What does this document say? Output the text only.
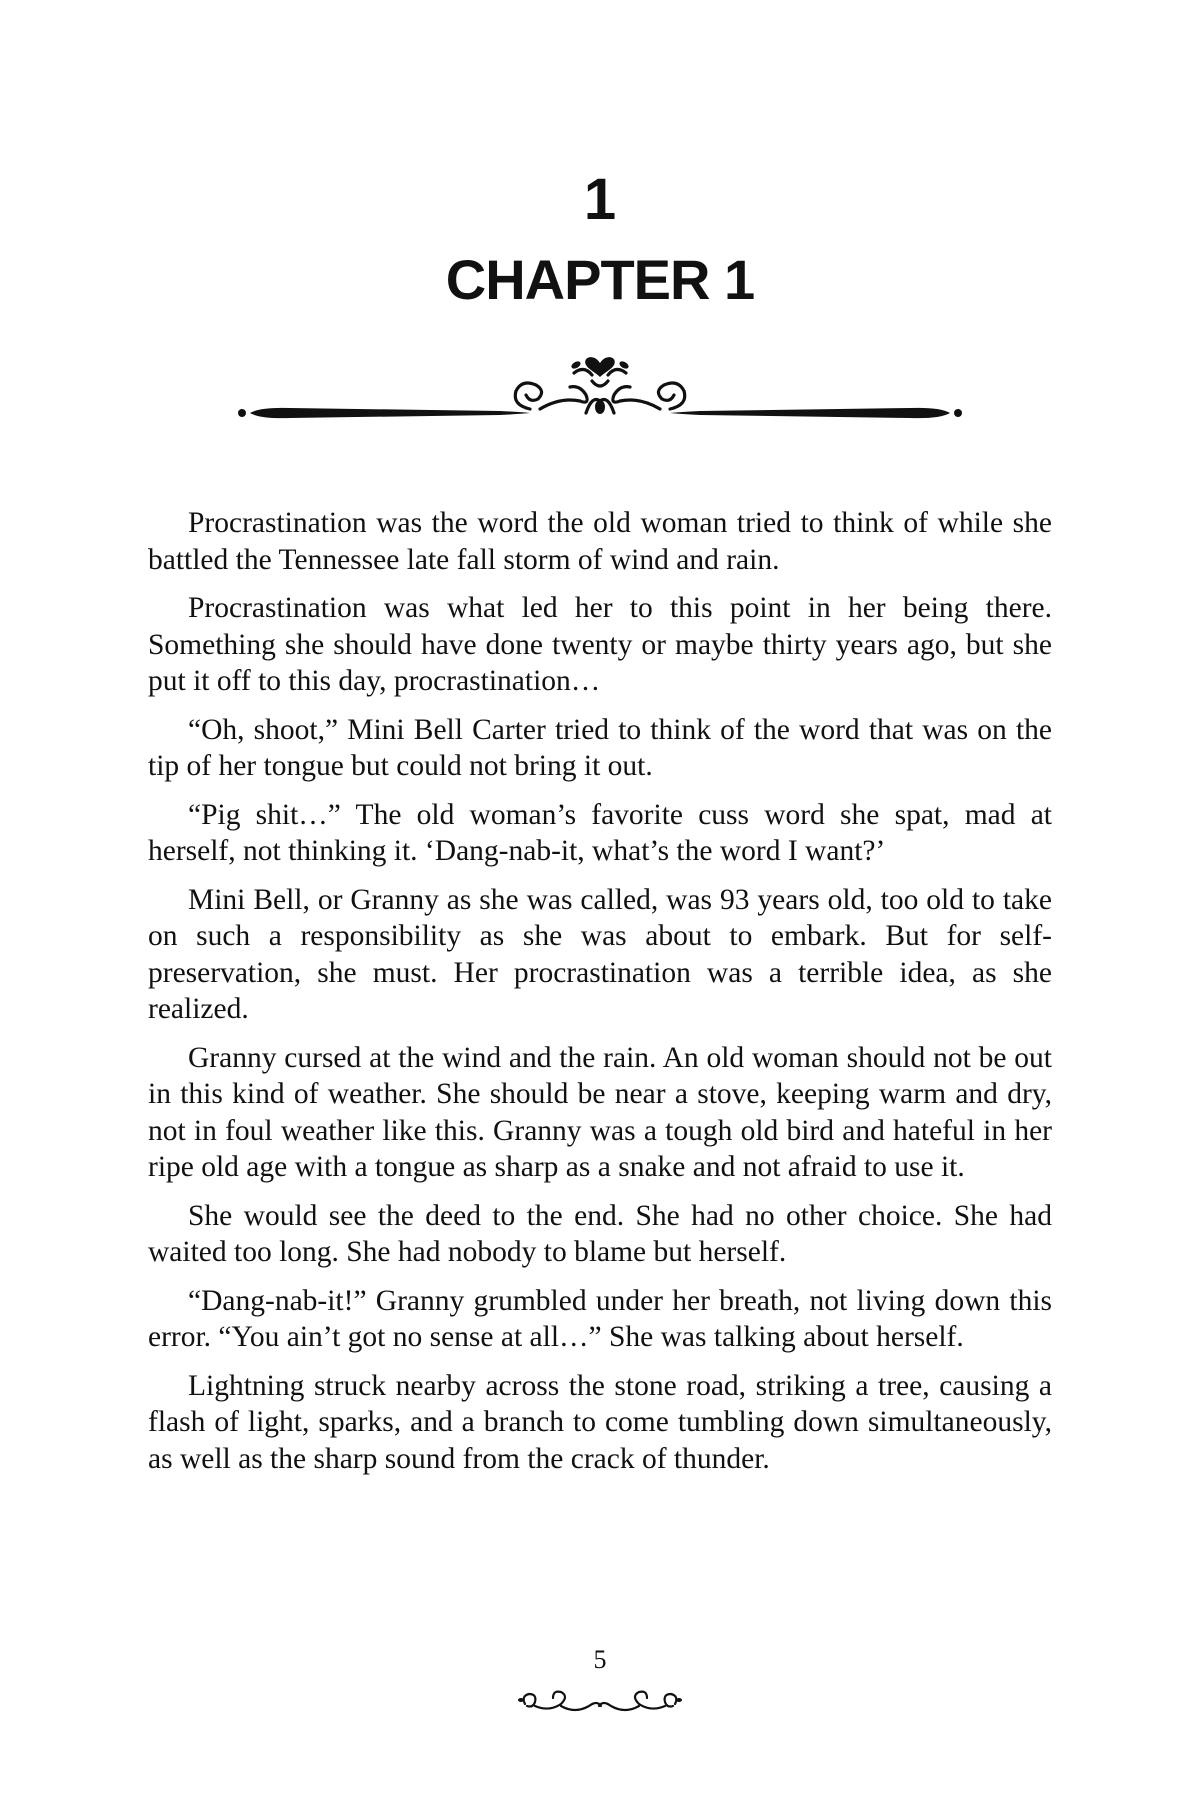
1
CHAPTER 1

Procrastination was the word the old woman tried to think of while she battled the Tennessee late fall storm of wind and rain.

Procrastination was what led her to this point in her being there. Something she should have done twenty or maybe thirty years ago, but she put it off to this day, procrastination…

“Oh, shoot,” Mini Bell Carter tried to think of the word that was on the tip of her tongue but could not bring it out.

“Pig shit…” The old woman’s favorite cuss word she spat, mad at herself, not thinking it. ‘Dang-nab-it, what’s the word I want?’

Mini Bell, or Granny as she was called, was 93 years old, too old to take on such a responsibility as she was about to embark. But for self-preservation, she must. Her procrastination was a terrible idea, as she realized.

Granny cursed at the wind and the rain. An old woman should not be out in this kind of weather. She should be near a stove, keeping warm and dry, not in foul weather like this. Granny was a tough old bird and hateful in her ripe old age with a tongue as sharp as a snake and not afraid to use it.

She would see the deed to the end. She had no other choice. She had waited too long. She had nobody to blame but herself.

“Dang-nab-it!” Granny grumbled under her breath, not living down this error. “You ain’t got no sense at all…” She was talking about herself.

Lightning struck nearby across the stone road, striking a tree, causing a flash of light, sparks, and a branch to come tumbling down simultaneously, as well as the sharp sound from the crack of thunder.

5
